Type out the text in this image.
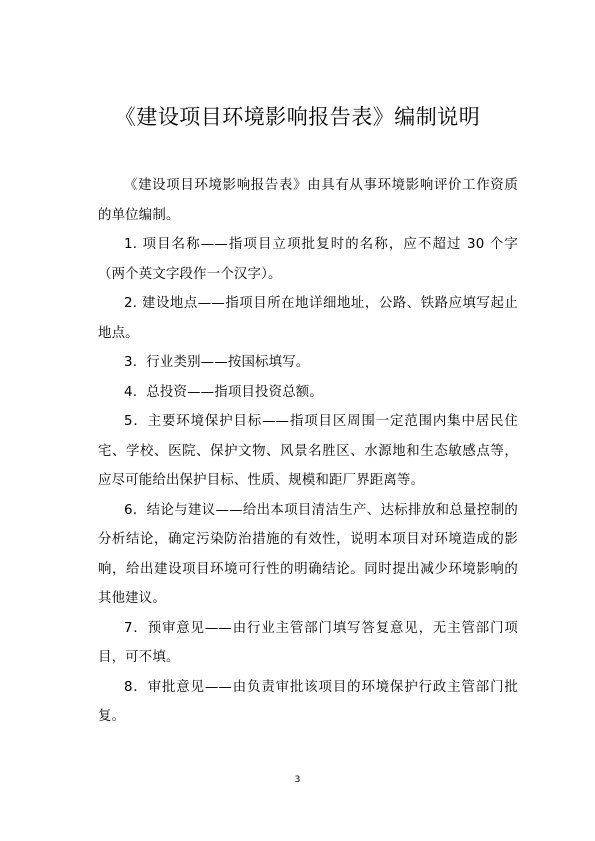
《建设项目环境影响报告表》编制说明

《建设项目环境影响报告表》由具有从事环境影响评价工作资质的单位编制。

1. 项目名称——指项目立项批复时的名称，应不超过 30 个字（两个英文字段作一个汉字）。

2. 建设地点——指项目所在地详细地址，公路、铁路应填写起止地点。

3．行业类别——按国标填写。

4．总投资——指项目投资总额。

5．主要环境保护目标——指项目区周围一定范围内集中居民住宅、学校、医院、保护文物、风景名胜区、水源地和生态敏感点等，应尽可能给出保护目标、性质、规模和距厂界距离等。

6．结论与建议——给出本项目清洁生产、达标排放和总量控制的分析结论，确定污染防治措施的有效性，说明本项目对环境造成的影响，给出建设项目环境可行性的明确结论。同时提出减少环境影响的其他建议。

7．预审意见——由行业主管部门填写答复意见，无主管部门项目，可不填。

8．审批意见——由负责审批该项目的环境保护行政主管部门批复。

3
